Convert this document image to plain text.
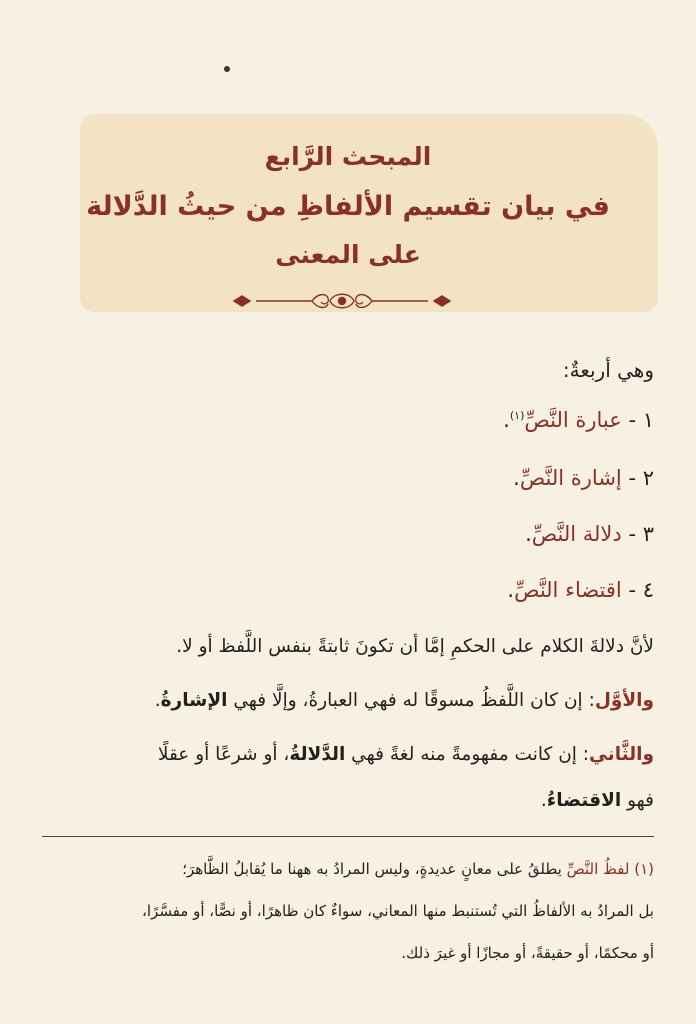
المبحث الرَّابع
في بيان تقسيم الألفاظِ من حيثُ الدَّلالة
على المعنى
وهي أربعةٌ:
١ - عبارة النَّصِّ$^{(١)}$.
٢ - إشارة النَّصِّ.
٣ - دلالة النَّصِّ.
٤ - اقتضاء النَّصِّ.
لأنَّ دلالةَ الكلام على الحكمِ إمَّا أن تكونَ ثابتةً بنفس اللَّفظ أو لا.
والأوَّل: إن كان اللَّفظُ مسوقًا له فهي العبارةُ، وإلَّا فهي الإشارةُ.
والثَّاني: إن كانت مفهومةً منه لغةً فهي الدَّلالةُ، أو شرعًا أو عقلًا
فهو الاقتضاءُ.
(١) لفظُ النَّصِّ يطلقُ على معانٍ عديدةٍ، وليس المرادُ به ههنا ما يُقابلُ الظَّاهرَ؛
بل المرادُ به الألفاظُ التي تُستنبط منها المعاني، سواءٌ كان ظاهرًا، أو نصًّا، أو مفسَّرًا،
أو محكمًا، أو حقيقةً، أو مجازًا أو غيرَ ذلك.
